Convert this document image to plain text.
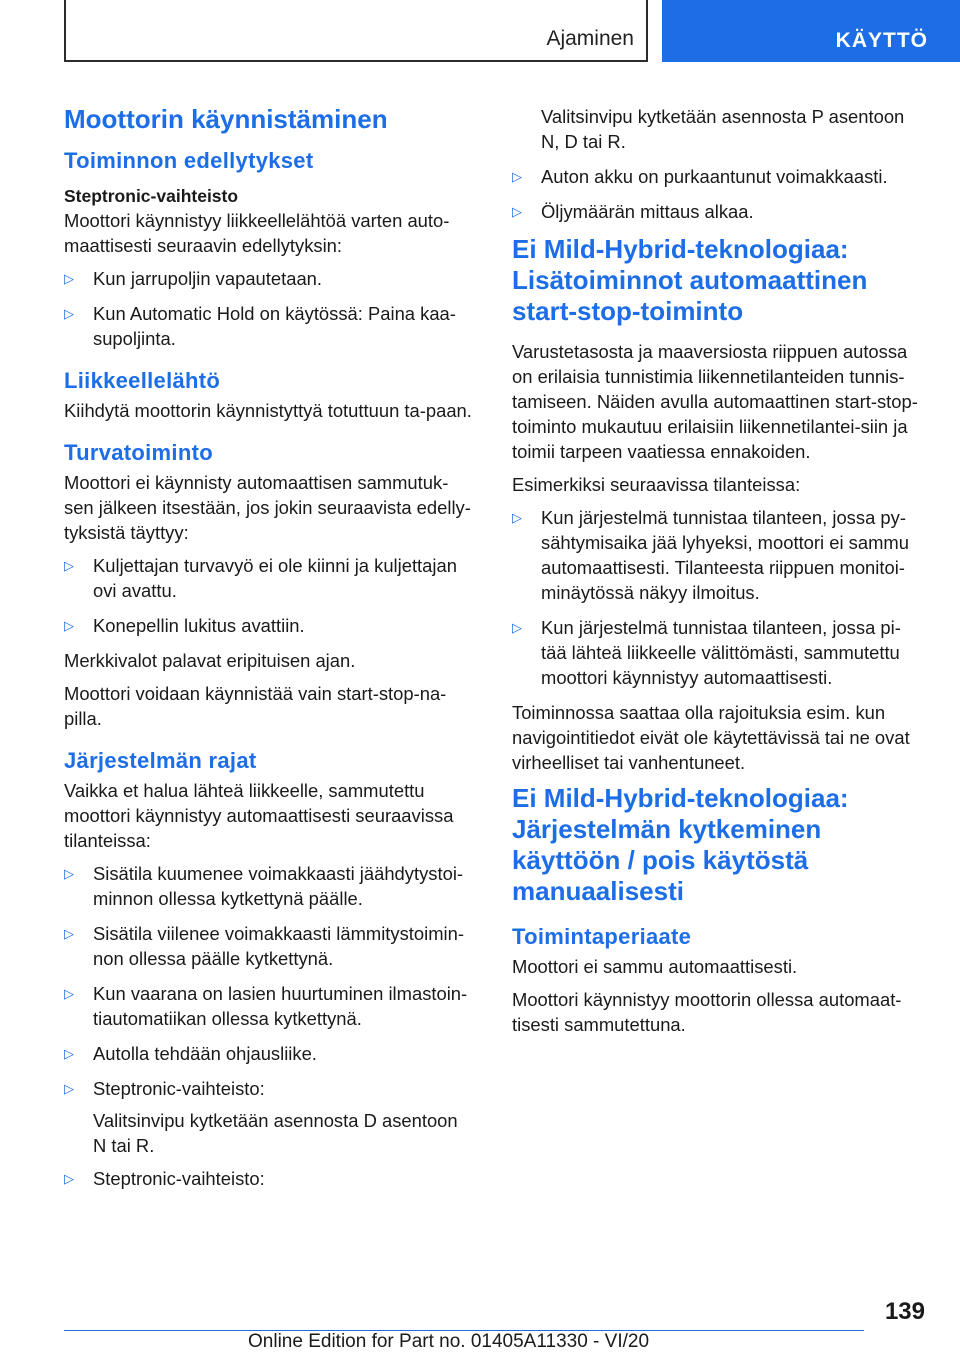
Ajaminen	KÄYTTÖ
Moottorin käynnistäminen
Toiminnon edellytykset
Steptronic-vaihteisto

Moottori käynnistyy liikkeellelähtöä varten auto-maattisesti seuraavin edellytyksin:

▷ Kun jarrupoljin vapautetaan.
▷ Kun Automatic Hold on käytössä: Paina kaa-supoljinta.
Liikkeellelähtö

Kiihdytä moottorin käynnistyttyä totuttuun ta-paan.

Turvatoiminto

Moottori ei käynnisty automaattisen sammutuk-sen jälkeen itsestään, jos jokin seuraavista edelly-tyksistä täyttyy:

▷ Kuljettajan turvavyö ei ole kiinni ja kuljettajan ovi avattu.
▷ Konepellin lukitus avattiin.

Merkkivalot palavat eripituisen ajan.

Moottori voidaan käynnistää vain start-stop-na-pilla.

Järjestelmän rajat

Vaikka et halua lähteä liikkeelle, sammutettu moottori käynnistyy automaattisesti seuraavissa tilanteissa:

▷ Sisätila kuumenee voimakkaasti jäähdytystoi-minnon ollessa kytkettynä päälle.
▷ Sisätila viilenee voimakkaasti lämmitystoimin-non ollessa päälle kytkettynä.
▷ Kun vaarana on lasien huurtuminen ilmastoin-tiautomatiikan ollessa kytkettynä.
▷ Autolla tehdään ohjausliike.
▷ Steptronic-vaihteisto:

Valitsinvipu kytketään asennosta D asentoon N tai R.

▷ Steptronic-vaihteisto:

Valitsinvipu kytketään asennosta P asentoon N, D tai R.

▷ Auton akku on purkaantunut voimakkaasti.
▷ Öljymäärän mittaus alkaa.
Ei Mild-Hybrid-teknologiaa: Lisätoiminnot automaattinen start-stop-toiminto

Varustetasosta ja maaversiosta riippuen autossa on erilaisia tunnistimia liikennetilanteiden tunnis-tamiseen. Näiden avulla automaattinen start-stop-toiminto mukautuu erilaisiin liikennetilantei-siin ja toimii tarpeen vaatiessa ennakoiden.

Esimerkiksi seuraavissa tilanteissa:

▷ Kun järjestelmä tunnistaa tilanteen, jossa py-sähtymisaika jää lyhyeksi, moottori ei sammu automaattisesti. Tilanteesta riippuen monitoi-minäytössä näkyy ilmoitus.
▷ Kun järjestelmä tunnistaa tilanteen, jossa pi-tää lähteä liikkeelle välittömästi, sammutettu moottori käynnistyy automaattisesti.

Toiminnossa saattaa olla rajoituksia esim. kun navigointitiedot eivät ole käytettävissä tai ne ovat virheelliset tai vanhentuneet.

Ei Mild-Hybrid-teknologiaa: Järjestelmän kytkeminen käyttöön / pois käytöstä manuaalisesti
Toimintaperiaate

Moottori ei sammu automaattisesti.

Moottori käynnistyy moottorin ollessa automaat-tisesti sammutettuna.

139
Online Edition for Part no. 01405A11330 - VI/20
